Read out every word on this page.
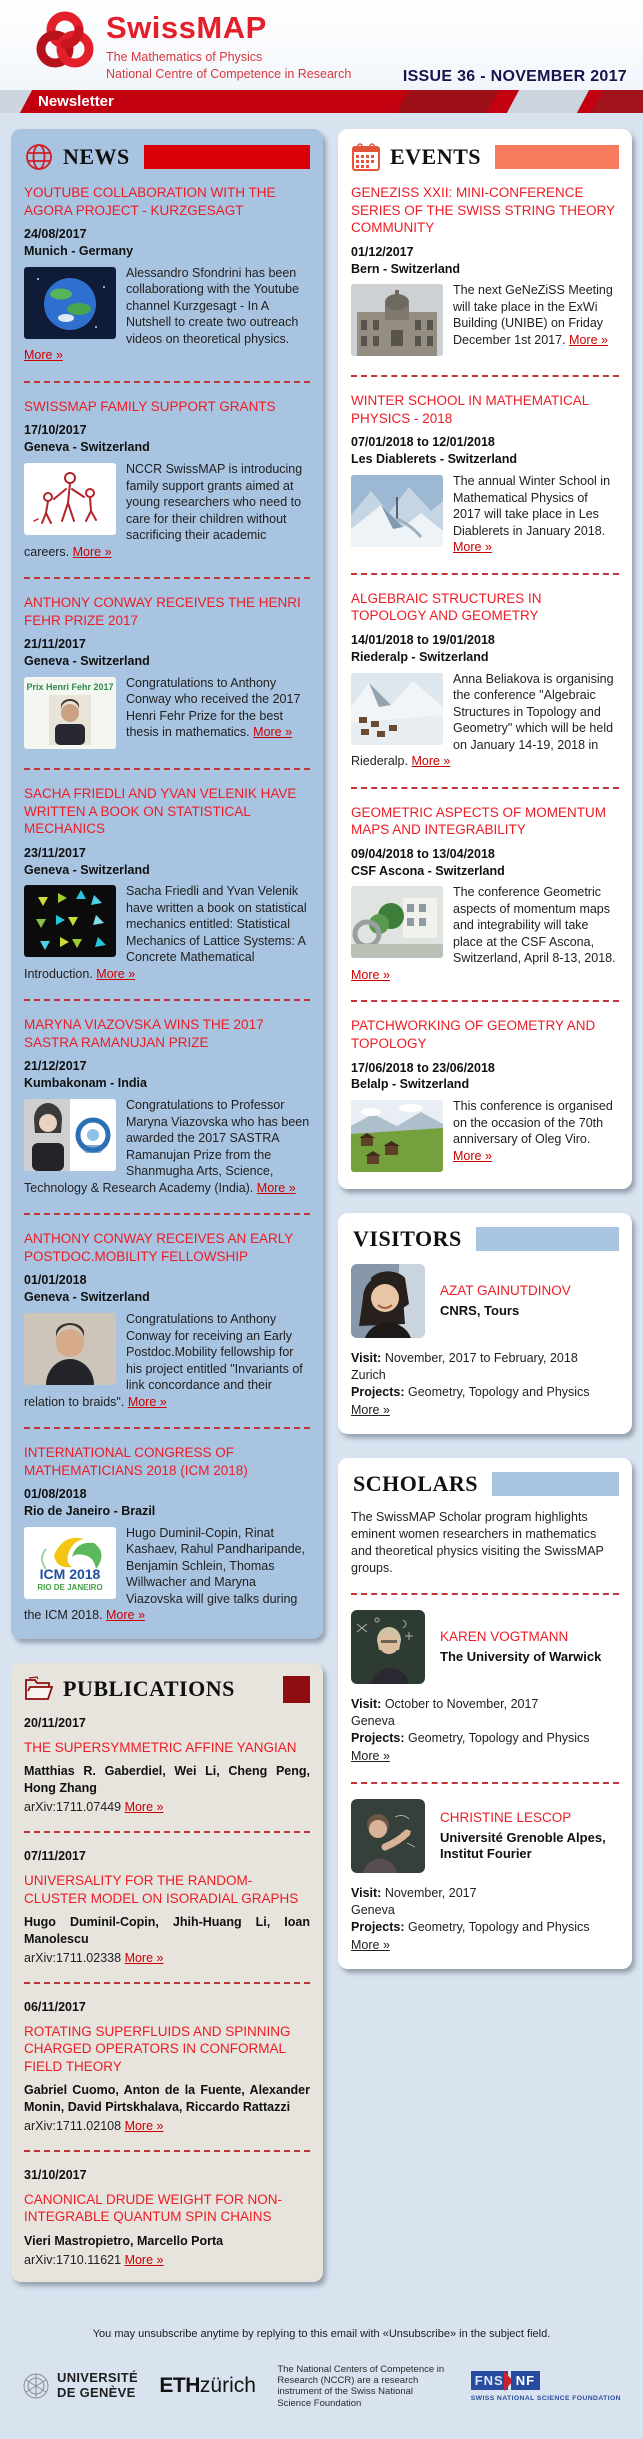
SwissMAP
The Mathematics of Physics
National Centre of Competence in Research	ISSUE 36 - NOVEMBER 2017
Newsletter
NEWS
YOUTUBE COLLABORATION WITH THE AGORA PROJECT - KURZGESAGT
24/08/2017
Munich - Germany

Alessandro Sfondrini has been collaborationg with the Youtube channel Kurzgesagt - In A Nutshell to create two outreach videos on theoretical physics. More »

SWISSMAP FAMILY SUPPORT GRANTS
17/10/2017
Geneva - Switzerland

NCCR SwissMAP is introducing family support grants aimed at young researchers who need to care for their children without sacrificing their academic careers. More »

ANTHONY CONWAY RECEIVES THE HENRI FEHR PRIZE 2017
21/11/2017
Geneva - Switzerland
Prix Henri Fehr 2017 Congratulations to Anthony Conway who received the 2017 Henri Fehr Prize for the best thesis in mathematics. More »

SACHA FRIEDLI AND YVAN VELENIK HAVE WRITTEN A BOOK ON STATISTICAL MECHANICS
23/11/2017
Geneva - Switzerland

Sacha Friedli and Yvan Velenik have written a book on statistical mechanics entitled: Statistical Mechanics of Lattice Systems: A Concrete Mathematical Introduction. More »

MARYNA VIAZOVSKA WINS THE 2017 SASTRA RAMANUJAN PRIZE
21/12/2017
Kumbakonam - India

Congratulations to Professor Maryna Viazovska who has been awarded the 2017 SASTRA Ramanujan Prize from the Shanmugha Arts, Science, Technology & Research Academy (India). More »

ANTHONY CONWAY RECEIVES AN EARLY POSTDOC.MOBILITY FELLOWSHIP
01/01/2018
Geneva - Switzerland

Congratulations to Anthony Conway for receiving an Early Postdoc.Mobility fellowship for his project entitled "Invariants of link concordance and their relation to braids". More »

INTERNATIONAL CONGRESS OF MATHEMATICIANS 2018 (ICM 2018)
01/08/2018
Rio de Janeiro - Brazil
ICM 2018
RIO DE JANEIRO

Hugo Duminil-Copin, Rinat Kashaev, Rahul Pandharipande, Benjamin Schlein, Thomas Willwacher and Maryna Viazovska will give talks during the ICM 2018. More »

PUBLICATIONS
20/11/2017
THE SUPERSYMMETRIC AFFINE YANGIAN
Matthias R. Gaberdiel, Wei Li, Cheng Peng, Hong Zhang
arXiv:1711.07449 More »
07/11/2017
UNIVERSALITY FOR THE RANDOM-CLUSTER MODEL ON ISORADIAL GRAPHS
Hugo Duminil-Copin, Jhih-Huang Li, Ioan Manolescu
arXiv:1711.02338 More »
06/11/2017
ROTATING SUPERFLUIDS AND SPINNING CHARGED OPERATORS IN CONFORMAL FIELD THEORY
Gabriel Cuomo, Anton de la Fuente, Alexander Monin, David Pirtskhalava, Riccardo Rattazzi
arXiv:1711.02108 More »
31/10/2017
CANONICAL DRUDE WEIGHT FOR NON-INTEGRABLE QUANTUM SPIN CHAINS
Vieri Mastropietro, Marcello Porta
arXiv:1710.11621 More »
EVENTS
GENEZISS XXII: MINI-CONFERENCE SERIES OF THE SWISS STRING THEORY COMMUNITY
01/12/2017
Bern - Switzerland

The next GeNeZiSS Meeting will take place in the ExWi Building (UNIBE) on Friday December 1st 2017. More »

WINTER SCHOOL IN MATHEMATICAL PHYSICS - 2018
07/01/2018 to 12/01/2018
Les Diablerets - Switzerland

The annual Winter School in Mathematical Physics of 2017 will take place in Les Diablerets in January 2018. More »

ALGEBRAIC STRUCTURES IN TOPOLOGY AND GEOMETRY
14/01/2018 to 19/01/2018
Riederalp - Switzerland

Anna Beliakova is organising the conference "Algebraic Structures in Topology and Geometry" which will be held on January 14-19, 2018 in Riederalp. More »

GEOMETRIC ASPECTS OF MOMENTUM MAPS AND INTEGRABILITY
09/04/2018 to 13/04/2018
CSF Ascona - Switzerland

The conference Geometric aspects of momentum maps and integrability will take place at the CSF Ascona, Switzerland, April 8-13, 2018. More »

PATCHWORKING OF GEOMETRY AND TOPOLOGY
17/06/2018 to 23/06/2018
Belalp - Switzerland

This conference is organised on the occasion of the 70th anniversary of Oleg Viro. More »

VISITORS
AZAT GAINUTDINOV
CNRS, Tours
Visit: November, 2017 to February, 2018
Zurich
Projects: Geometry, Topology and Physics
More »
SCHOLARS

The SwissMAP Scholar program highlights eminent women researchers in mathematics and theoretical physics visiting the SwissMAP groups.

KAREN VOGTMANN
The University of Warwick
Visit: October to November, 2017
Geneva
Projects: Geometry, Topology and Physics
More »
CHRISTINE LESCOP
Université Grenoble Alpes, Institut Fourier
Visit: November, 2017
Geneva
Projects: Geometry, Topology and Physics
More »
You may unsubscribe anytime by replying to this email with «Unsubscribe» in the subject field.
UNIVERSITÉ
DE GENÈVE ETHzürich
The National Centers of Competence in Research (NCCR) are a research instrument of the Swiss National Science Foundation
FNS NF
SWISS NATIONAL SCIENCE FOUNDATION
